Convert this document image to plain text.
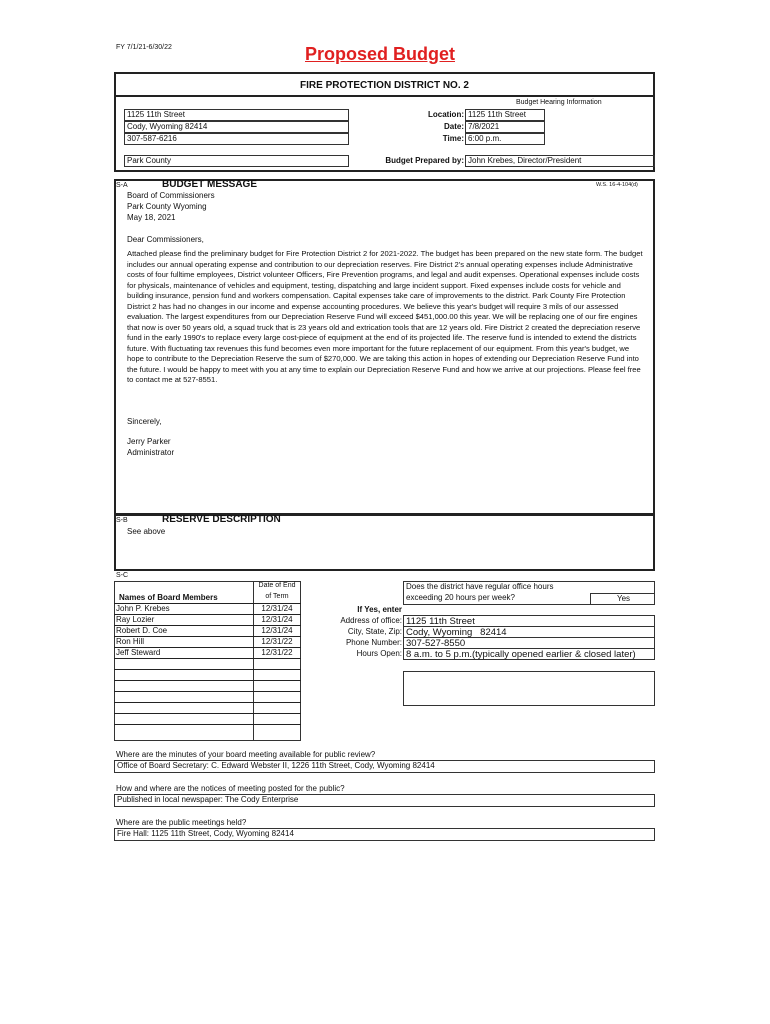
FY 7/1/21-6/30/22	Proposed Budget
FIRE PROTECTION DISTRICT NO. 2
Budget Hearing Information
1125 11th Street
Cody, Wyoming 82414
307-587-6216
Park County
Location: 1125 11th Street
Date: 7/8/2021
Time: 6:00 p.m.
Budget Prepared by: John Krebes, Director/President
S-A	BUDGET MESSAGE	W.S. 16-4-104(d)
Board of Commissioners
Park County Wyoming
May 18, 2021
Dear Commissioners,
Attached please find the preliminary budget for Fire Protection District 2 for 2021-2022. The budget has been prepared on the new state form. The budget includes our annual operating expense and contribution to our depreciation reserves. Fire District 2's annual operating expenses include Administrative costs of four fulltime employees, District volunteer Officers, Fire Prevention programs, and legal and audit expenses. Operational expenses include costs for physicals, maintenance of vehicles and equipment, testing, dispatching and large incident support. Fixed expenses include costs for vehicle and building insurance, pension fund and workers compensation. Capital expenses take care of improvements to the district. Park County Fire Protection District 2 has had no changes in our income and expense accounting procedures. We believe this year's budget will require 3 mils of our assessed evaluation. The largest expenditures from our Depreciation Reserve Fund will exceed $451,000.00 this year. We will be replacing one of our fire engines that now is over 50 years old, a squad truck that is 23 years old and extrication tools that are 12 years old. Fire District 2 created the depreciation reserve fund in the early 1990's to replace every large cost-piece of equipment at the end of its projected life. The reserve fund is intended to extend the districts future. With fluctuating tax revenues this fund becomes even more important for the future replacement of our equipment. From this year's budget, we hope to contribute to the Depreciation Reserve the sum of $270,000. We are taking this action in hopes of extending our Depreciation Reserve Fund into the future. I would be happy to meet with you at any time to explain our Depreciation Reserve Fund and how we arrive at our projections. Please feel free to contact me at 527-8551.
Sincerely,
Jerry Parker
Administrator
S-B	RESERVE DESCRIPTION
See above
S-C
Names of Board Members
Date of End
of Term
John P. Krebes	12/31/24
Ray Lozier	12/31/24
Robert D. Coe	12/31/24
Ron Hill	12/31/22
Jeff Steward	12/31/22
Does the district have regular office hours
exceeding 20 hours per week?	Yes
If Yes, enter
Address of office: 1125 11th Street
City, State, Zip: Cody, Wyoming   82414
Phone Number: 307-527-8550
Hours Open: 8 a.m. to 5 p.m.(typically opened earlier & closed later)
Where are the minutes of your board meeting available for public review?
Office of Board Secretary: C. Edward Webster II, 1226 11th Street, Cody, Wyoming 82414
How and where are the notices of meeting posted for the public?
Published in local newspaper: The Cody Enterprise
Where are the public meetings held?
Fire Hall: 1125 11th Street, Cody, Wyoming 82414
